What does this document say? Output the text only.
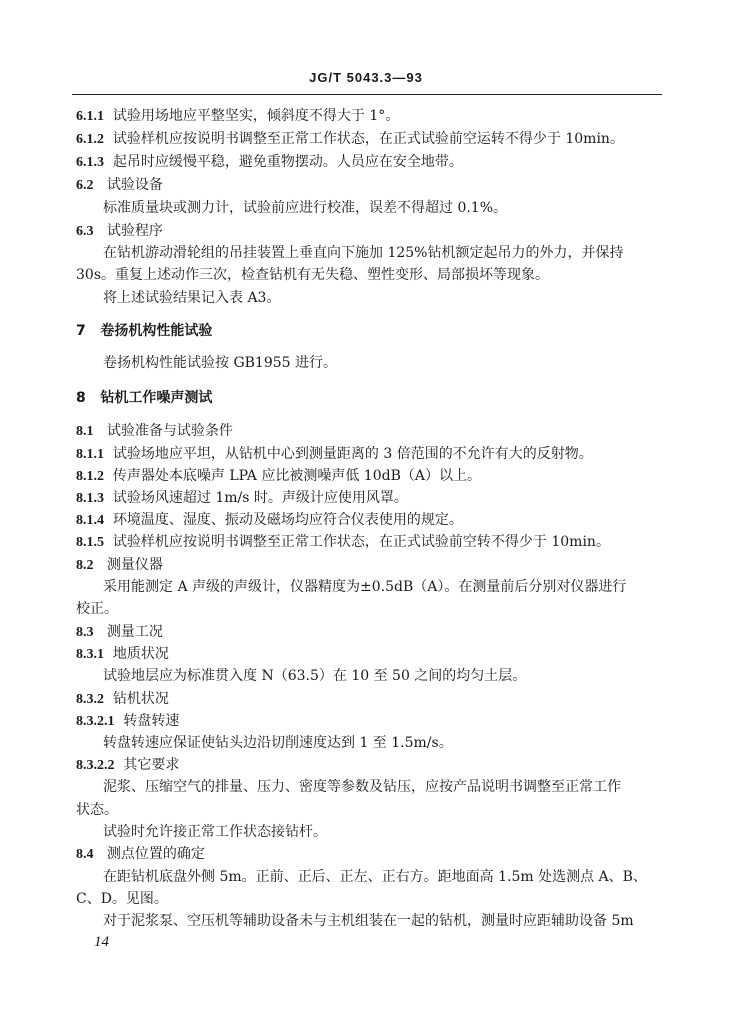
JG/T 5043.3—93
6.1.1 试验用场地应平整坚实，倾斜度不得大于 1°。
6.1.2 试验样机应按说明书调整至正常工作状态，在正式试验前空运转不得少于 10min。
6.1.3 起吊时应缓慢平稳，避免重物摆动。人员应在安全地带。
6.2 试验设备
标准质量块或测力计，试验前应进行校准，误差不得超过 0.1%。
6.3 试验程序
在钻机游动滑轮组的吊挂装置上垂直向下施加 125%钻机额定起吊力的外力，并保持
30s。重复上述动作三次，检查钻机有无失稳、塑性变形、局部损坏等现象。
将上述试验结果记入表 A3。
7 卷扬机构性能试验
卷扬机构性能试验按 GB1955 进行。
8 钻机工作噪声测试
8.1 试验准备与试验条件
8.1.1 试验场地应平坦，从钻机中心到测量距离的 3 倍范围的不允许有大的反射物。
8.1.2 传声器处本底噪声 LPA 应比被测噪声低 10dB（A）以上。
8.1.3 试验场风速超过 1m/s 时。声级计应使用风罩。
8.1.4 环境温度、湿度、振动及磁场均应符合仪表使用的规定。
8.1.5 试验样机应按说明书调整至正常工作状态，在正式试验前空转不得少于 10min。
8.2 测量仪器
采用能测定 A 声级的声级计，仪器精度为±0.5dB（A）。在测量前后分别对仪器进行
校正。
8.3 测量工况
8.3.1 地质状况
试验地层应为标准贯入度 N（63.5）在 10 至 50 之间的均匀土层。
8.3.2 钻机状况
8.3.2.1 转盘转速
转盘转速应保证使钻头边沿切削速度达到 1 至 1.5m/s。
8.3.2.2 其它要求
泥浆、压缩空气的排量、压力、密度等参数及钻压，应按产品说明书调整至正常工作
状态。
试验时允许接正常工作状态接钻杆。
8.4 测点位置的确定
在距钻机底盘外侧 5m。正前、正后、正左、正右方。距地面高 1.5m 处选测点 A、B、
C、D。见图。
对于泥浆泵、空压机等辅助设备未与主机组装在一起的钻机，测量时应距辅助设备 5m
14
